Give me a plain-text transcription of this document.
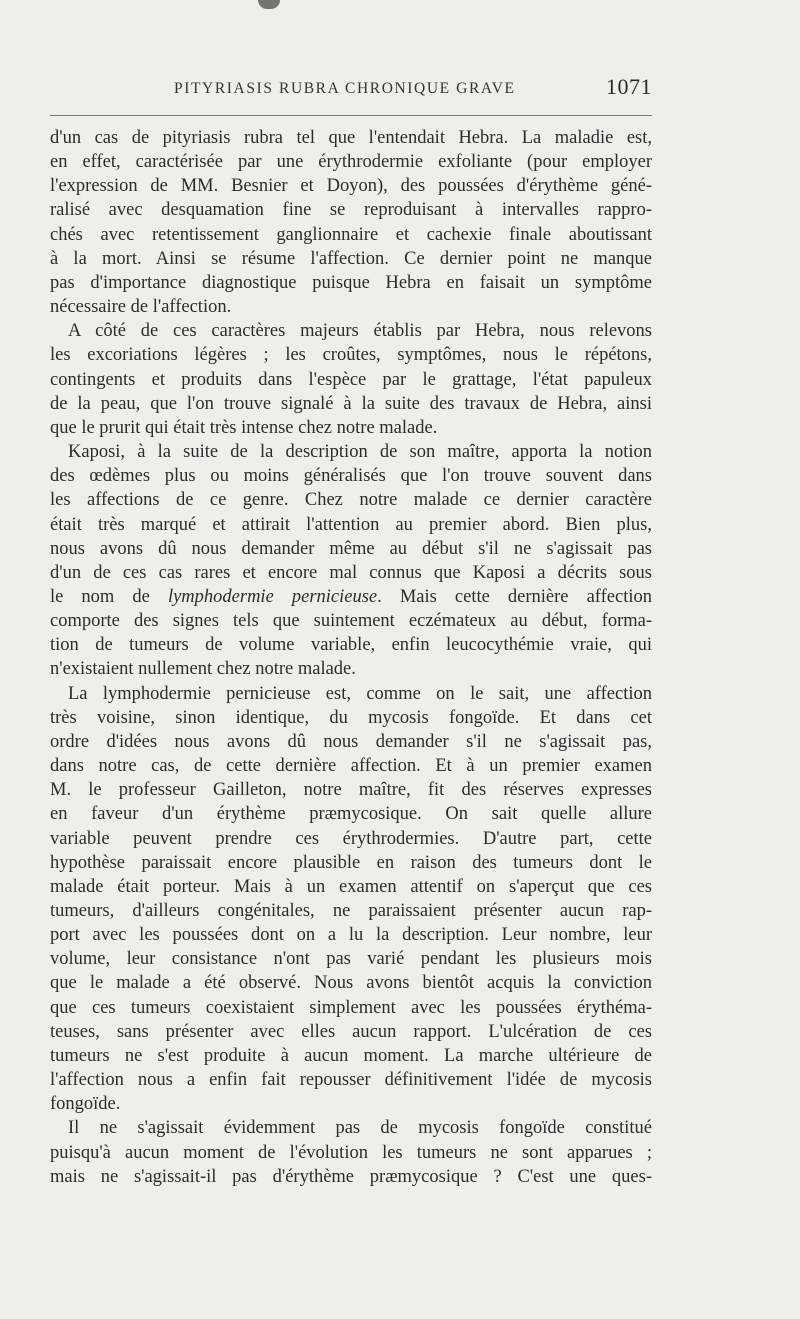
PITYRIASIS RUBRA CHRONIQUE GRAVE	1071
d'un cas de pityriasis rubra tel que l'entendait Hebra. La maladie est,
en effet, caractérisée par une érythrodermie exfoliante (pour employer
l'expression de MM. Besnier et Doyon), des poussées d'érythème géné-
ralisé avec desquamation fine se reproduisant à intervalles rappro-
chés avec retentissement ganglionnaire et cachexie finale aboutissant
à la mort. Ainsi se résume l'affection. Ce dernier point ne manque
pas d'importance diagnostique puisque Hebra en faisait un symptôme
nécessaire de l'affection.
A côté de ces caractères majeurs établis par Hebra, nous relevons
les excoriations légères ; les croûtes, symptômes, nous le répétons,
contingents et produits dans l'espèce par le grattage, l'état papuleux
de la peau, que l'on trouve signalé à la suite des travaux de Hebra, ainsi
que le prurit qui était très intense chez notre malade.
Kaposi, à la suite de la description de son maître, apporta la notion
des œdèmes plus ou moins généralisés que l'on trouve souvent dans
les affections de ce genre. Chez notre malade ce dernier caractère
était très marqué et attirait l'attention au premier abord. Bien plus,
nous avons dû nous demander même au début s'il ne s'agissait pas
d'un de ces cas rares et encore mal connus que Kaposi a décrits sous
le nom de lymphodermie pernicieuse. Mais cette dernière affection
comporte des signes tels que suintement eczémateux au début, forma-
tion de tumeurs de volume variable, enfin leucocythémie vraie, qui
n'existaient nullement chez notre malade.
La lymphodermie pernicieuse est, comme on le sait, une affection
très voisine, sinon identique, du mycosis fongoïde. Et dans cet
ordre d'idées nous avons dû nous demander s'il ne s'agissait pas,
dans notre cas, de cette dernière affection. Et à un premier examen
M. le professeur Gailleton, notre maître, fit des réserves expresses
en faveur d'un érythème præmycosique. On sait quelle allure
variable peuvent prendre ces érythrodermies. D'autre part, cette
hypothèse paraissait encore plausible en raison des tumeurs dont le
malade était porteur. Mais à un examen attentif on s'aperçut que ces
tumeurs, d'ailleurs congénitales, ne paraissaient présenter aucun rap-
port avec les poussées dont on a lu la description. Leur nombre, leur
volume, leur consistance n'ont pas varié pendant les plusieurs mois
que le malade a été observé. Nous avons bientôt acquis la conviction
que ces tumeurs coexistaient simplement avec les poussées érythéma-
teuses, sans présenter avec elles aucun rapport. L'ulcération de ces
tumeurs ne s'est produite à aucun moment. La marche ultérieure de
l'affection nous a enfin fait repousser définitivement l'idée de mycosis
fongoïde.
Il ne s'agissait évidemment pas de mycosis fongoïde constitué
puisqu'à aucun moment de l'évolution les tumeurs ne sont apparues ;
mais ne s'agissait-il pas d'érythème præmycosique ? C'est une ques-
